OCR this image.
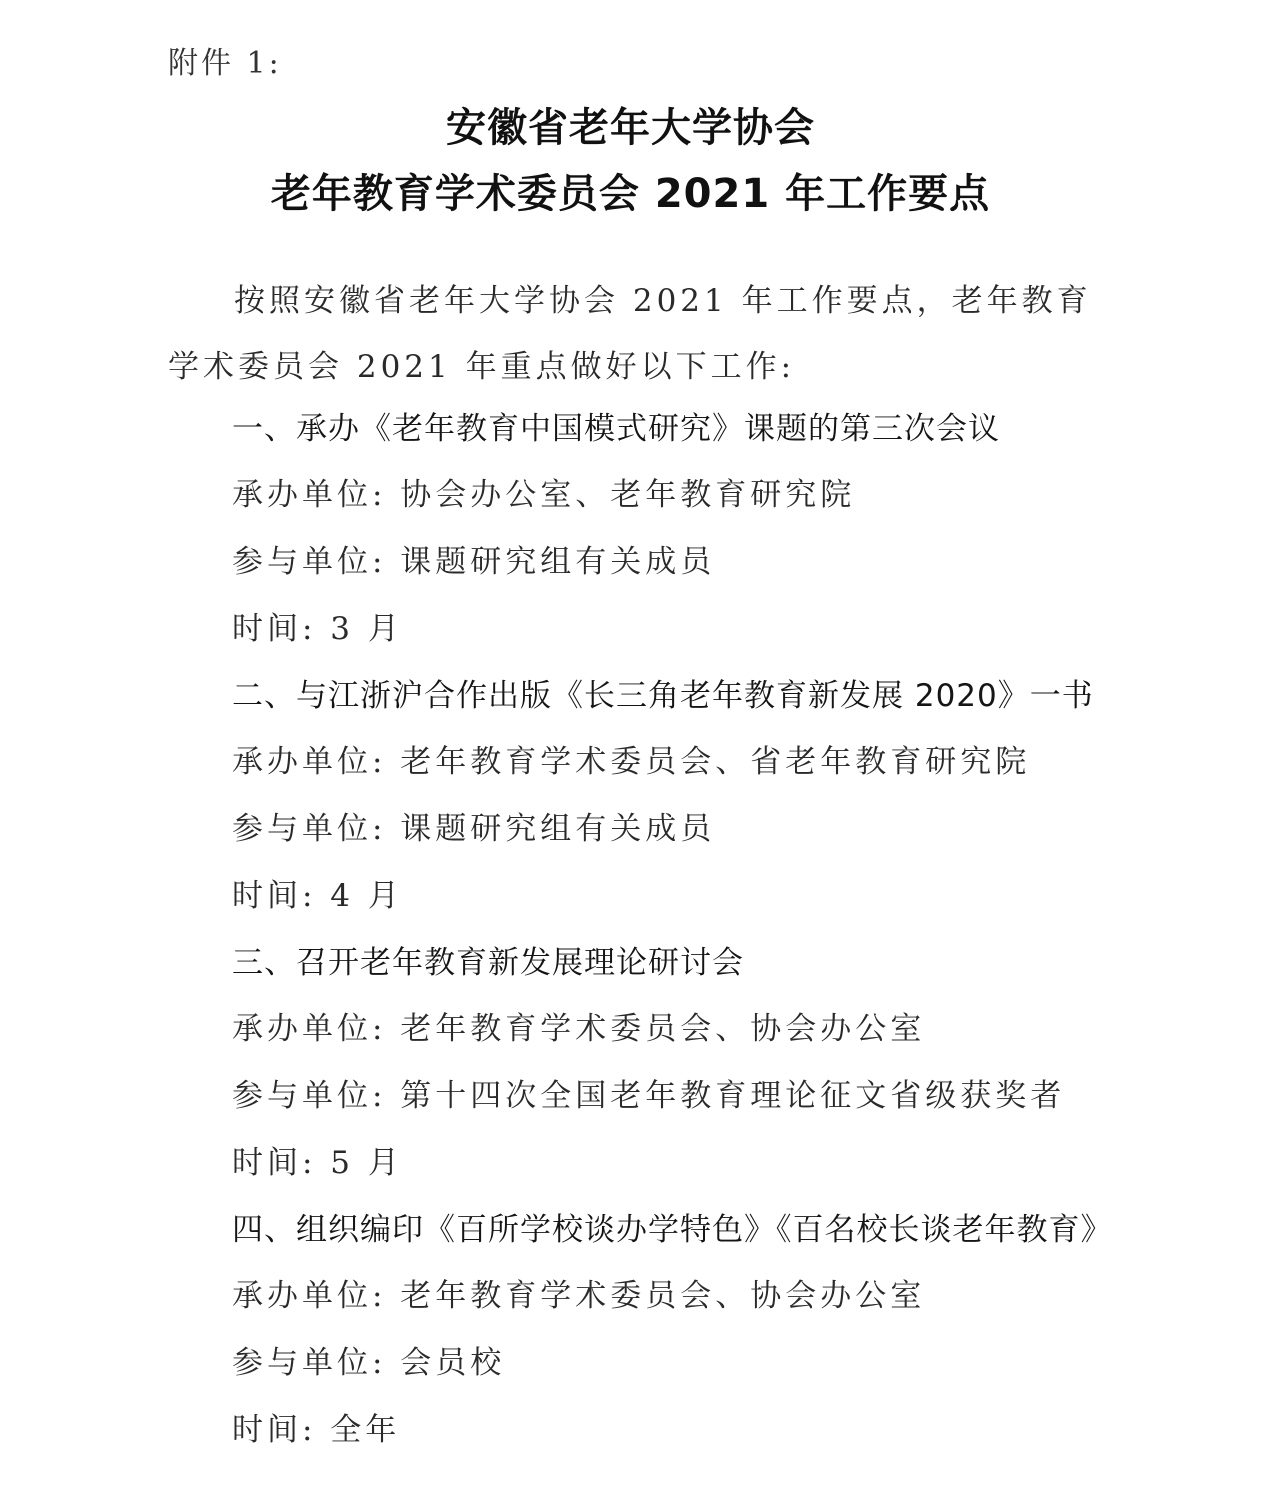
附件 1:
安徽省老年大学协会
老年教育学术委员会 2021 年工作要点
按照安徽省老年大学协会 2021 年工作要点，老年教育学术委员会 2021 年重点做好以下工作:
一、承办《老年教育中国模式研究》课题的第三次会议
承办单位: 协会办公室、老年教育研究院
参与单位: 课题研究组有关成员
时间: 3 月
二、与江浙沪合作出版《长三角老年教育新发展 2020》一书
承办单位: 老年教育学术委员会、省老年教育研究院
参与单位: 课题研究组有关成员
时间: 4 月
三、召开老年教育新发展理论研讨会
承办单位: 老年教育学术委员会、协会办公室
参与单位: 第十四次全国老年教育理论征文省级获奖者
时间: 5 月
四、组织编印《百所学校谈办学特色》《百名校长谈老年教育》
承办单位: 老年教育学术委员会、协会办公室
参与单位: 会员校
时间: 全年
